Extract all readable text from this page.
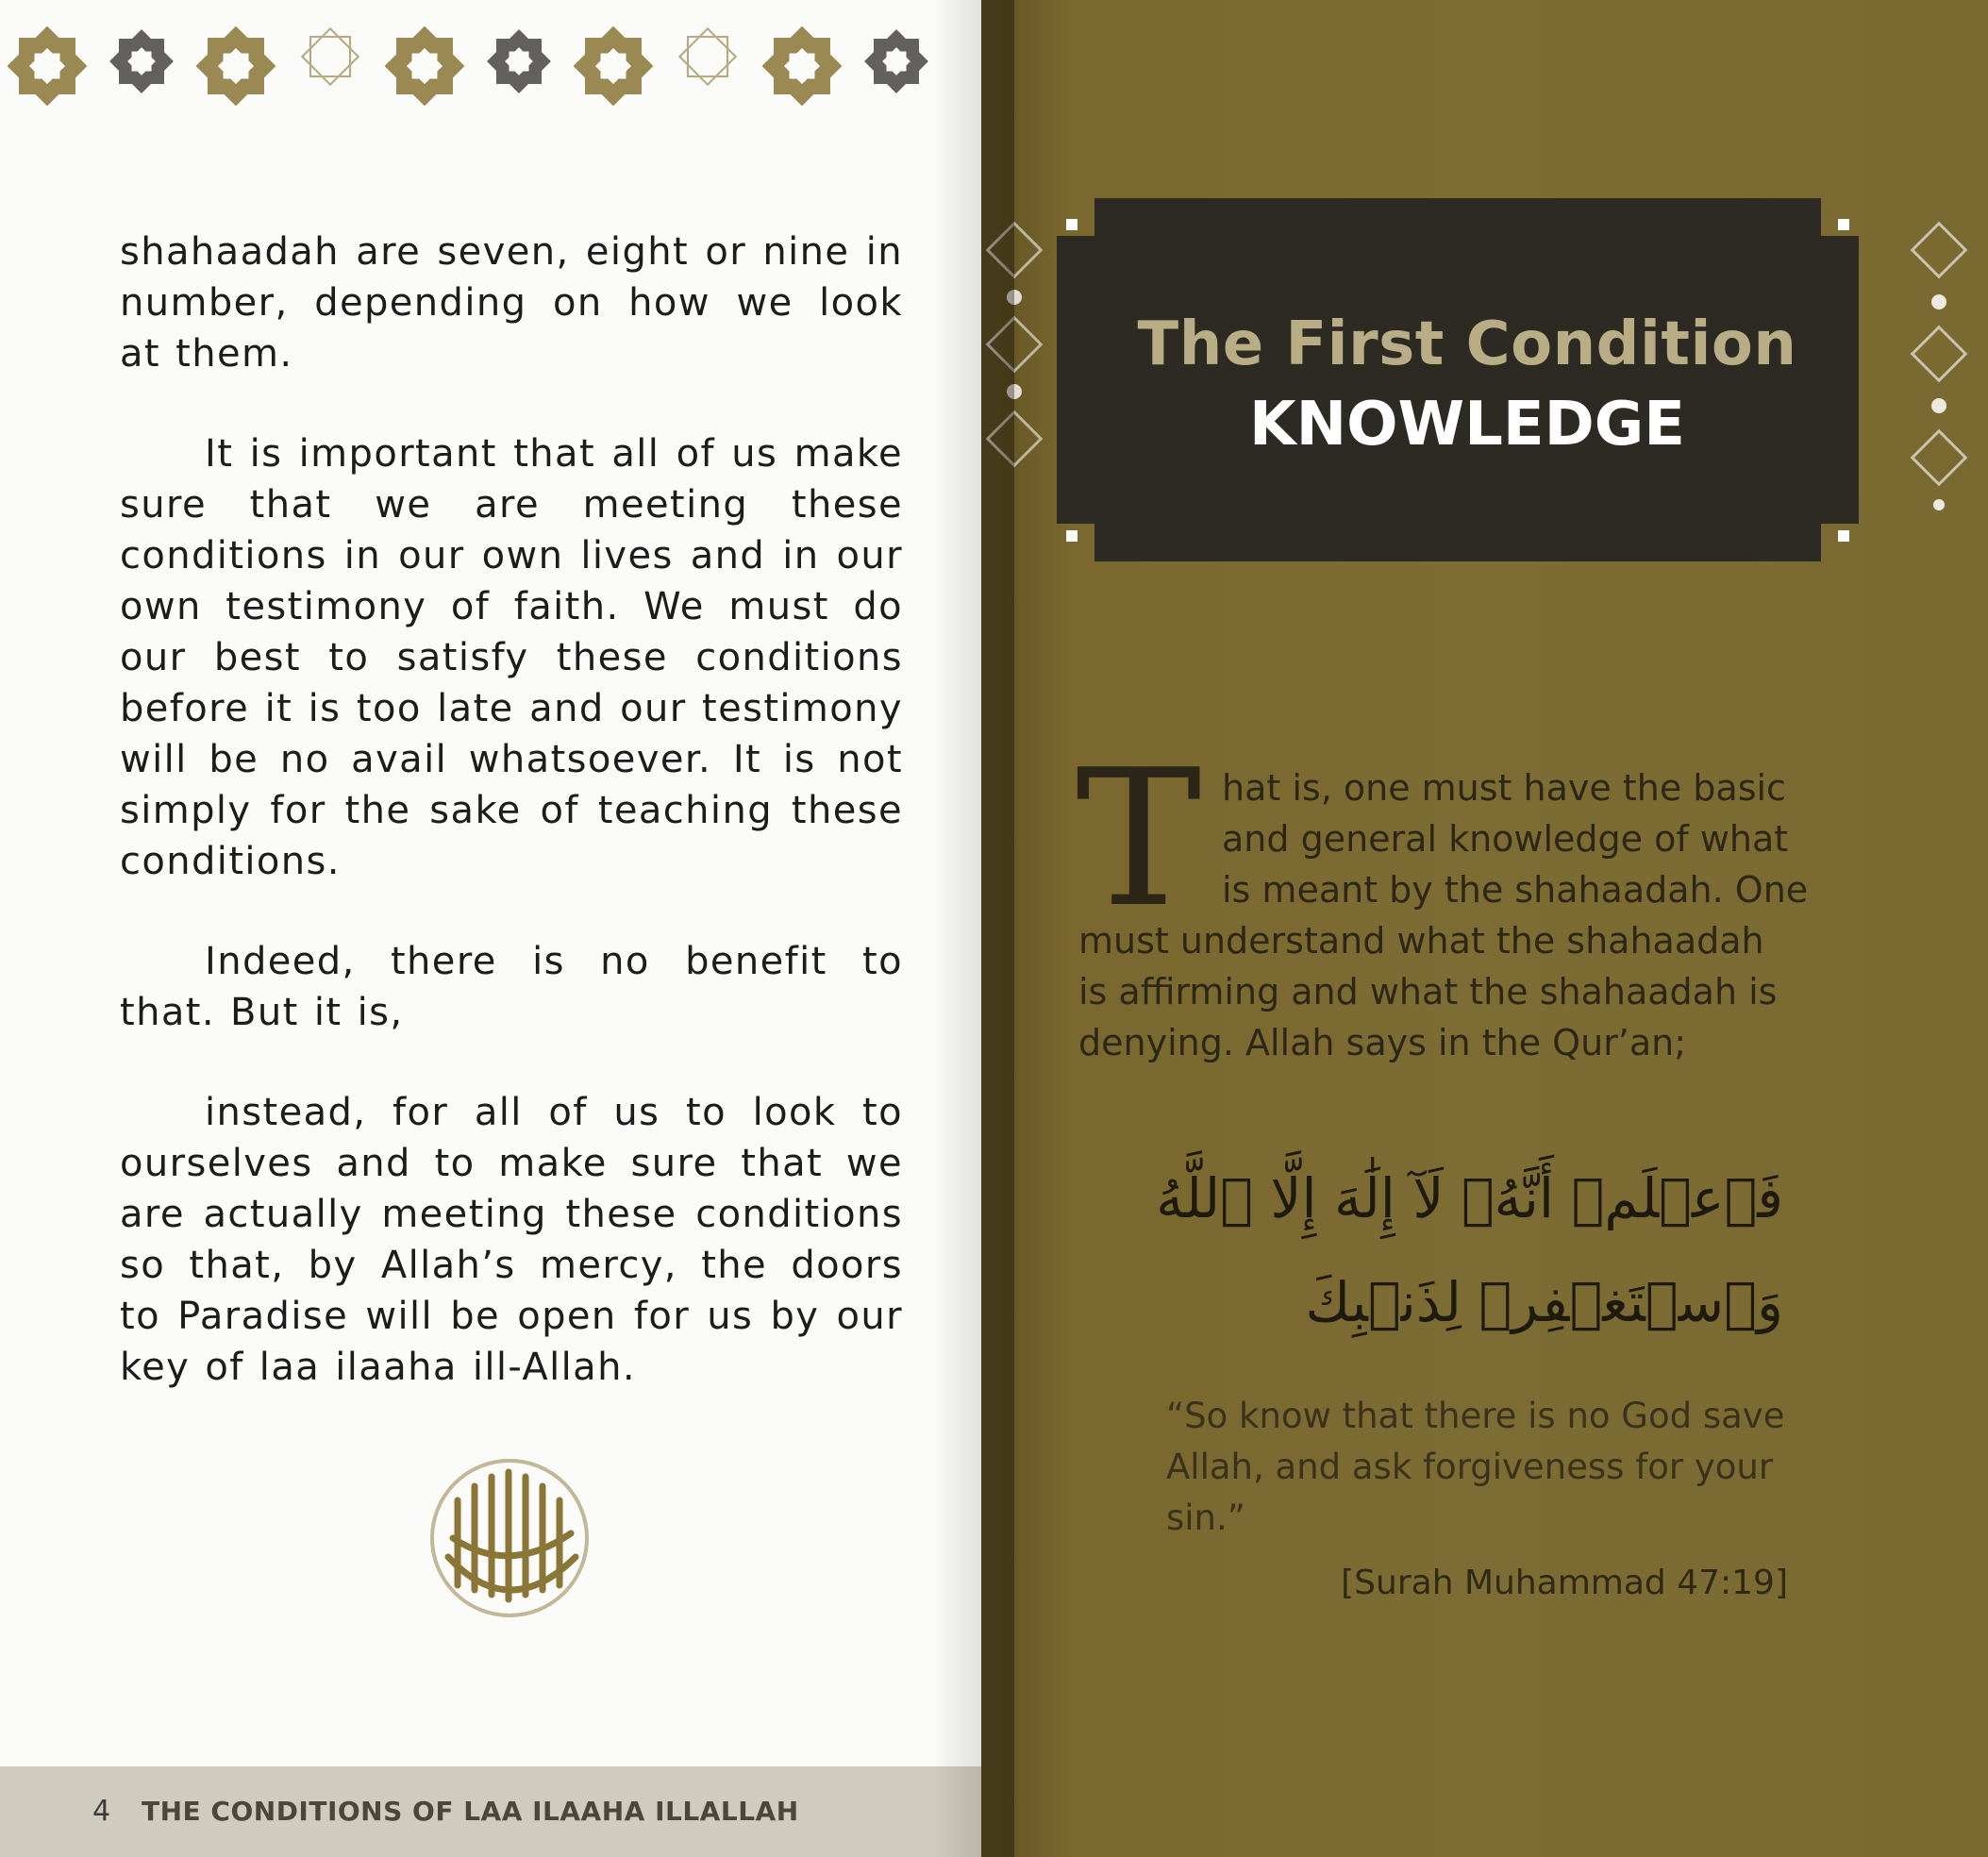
shahaadah are seven, eight or nine in number, depending on how we look at them.

It is important that all of us make sure that we are meeting these conditions in our own lives and in our own testimony of faith. We must do our best to satisfy these conditions before it is too late and our testimony will be no avail whatsoever. It is not simply for the sake of teaching these conditions.

Indeed, there is no benefit to that. But it is,

instead, for all of us to look to ourselves and to make sure that we are actually meeting these conditions so that, by Allah’s mercy, the doors to Paradise will be open for us by our key of laa ilaaha ill-Allah.

4 THE CONDITIONS OF LAA ILAAHA ILLALLAH
The First Condition
KNOWLEDGE
T hat is, one must have the basic
and general knowledge of what
is meant by the shahaadah. One
must understand what the shahaadah
is affirming and what the shahaadah is
denying. Allah says in the Qur’an;
فَٱعۡلَمۡ أَنَّهُۥ لَآ إِلَٰهَ إِلَّا ٱللَّهُ وَٱسۡتَغۡفِرۡ لِذَنۢبِكَ
“So know that there is no God save Allah, and ask forgiveness for your sin.”
[Surah Muhammad 47:19]
